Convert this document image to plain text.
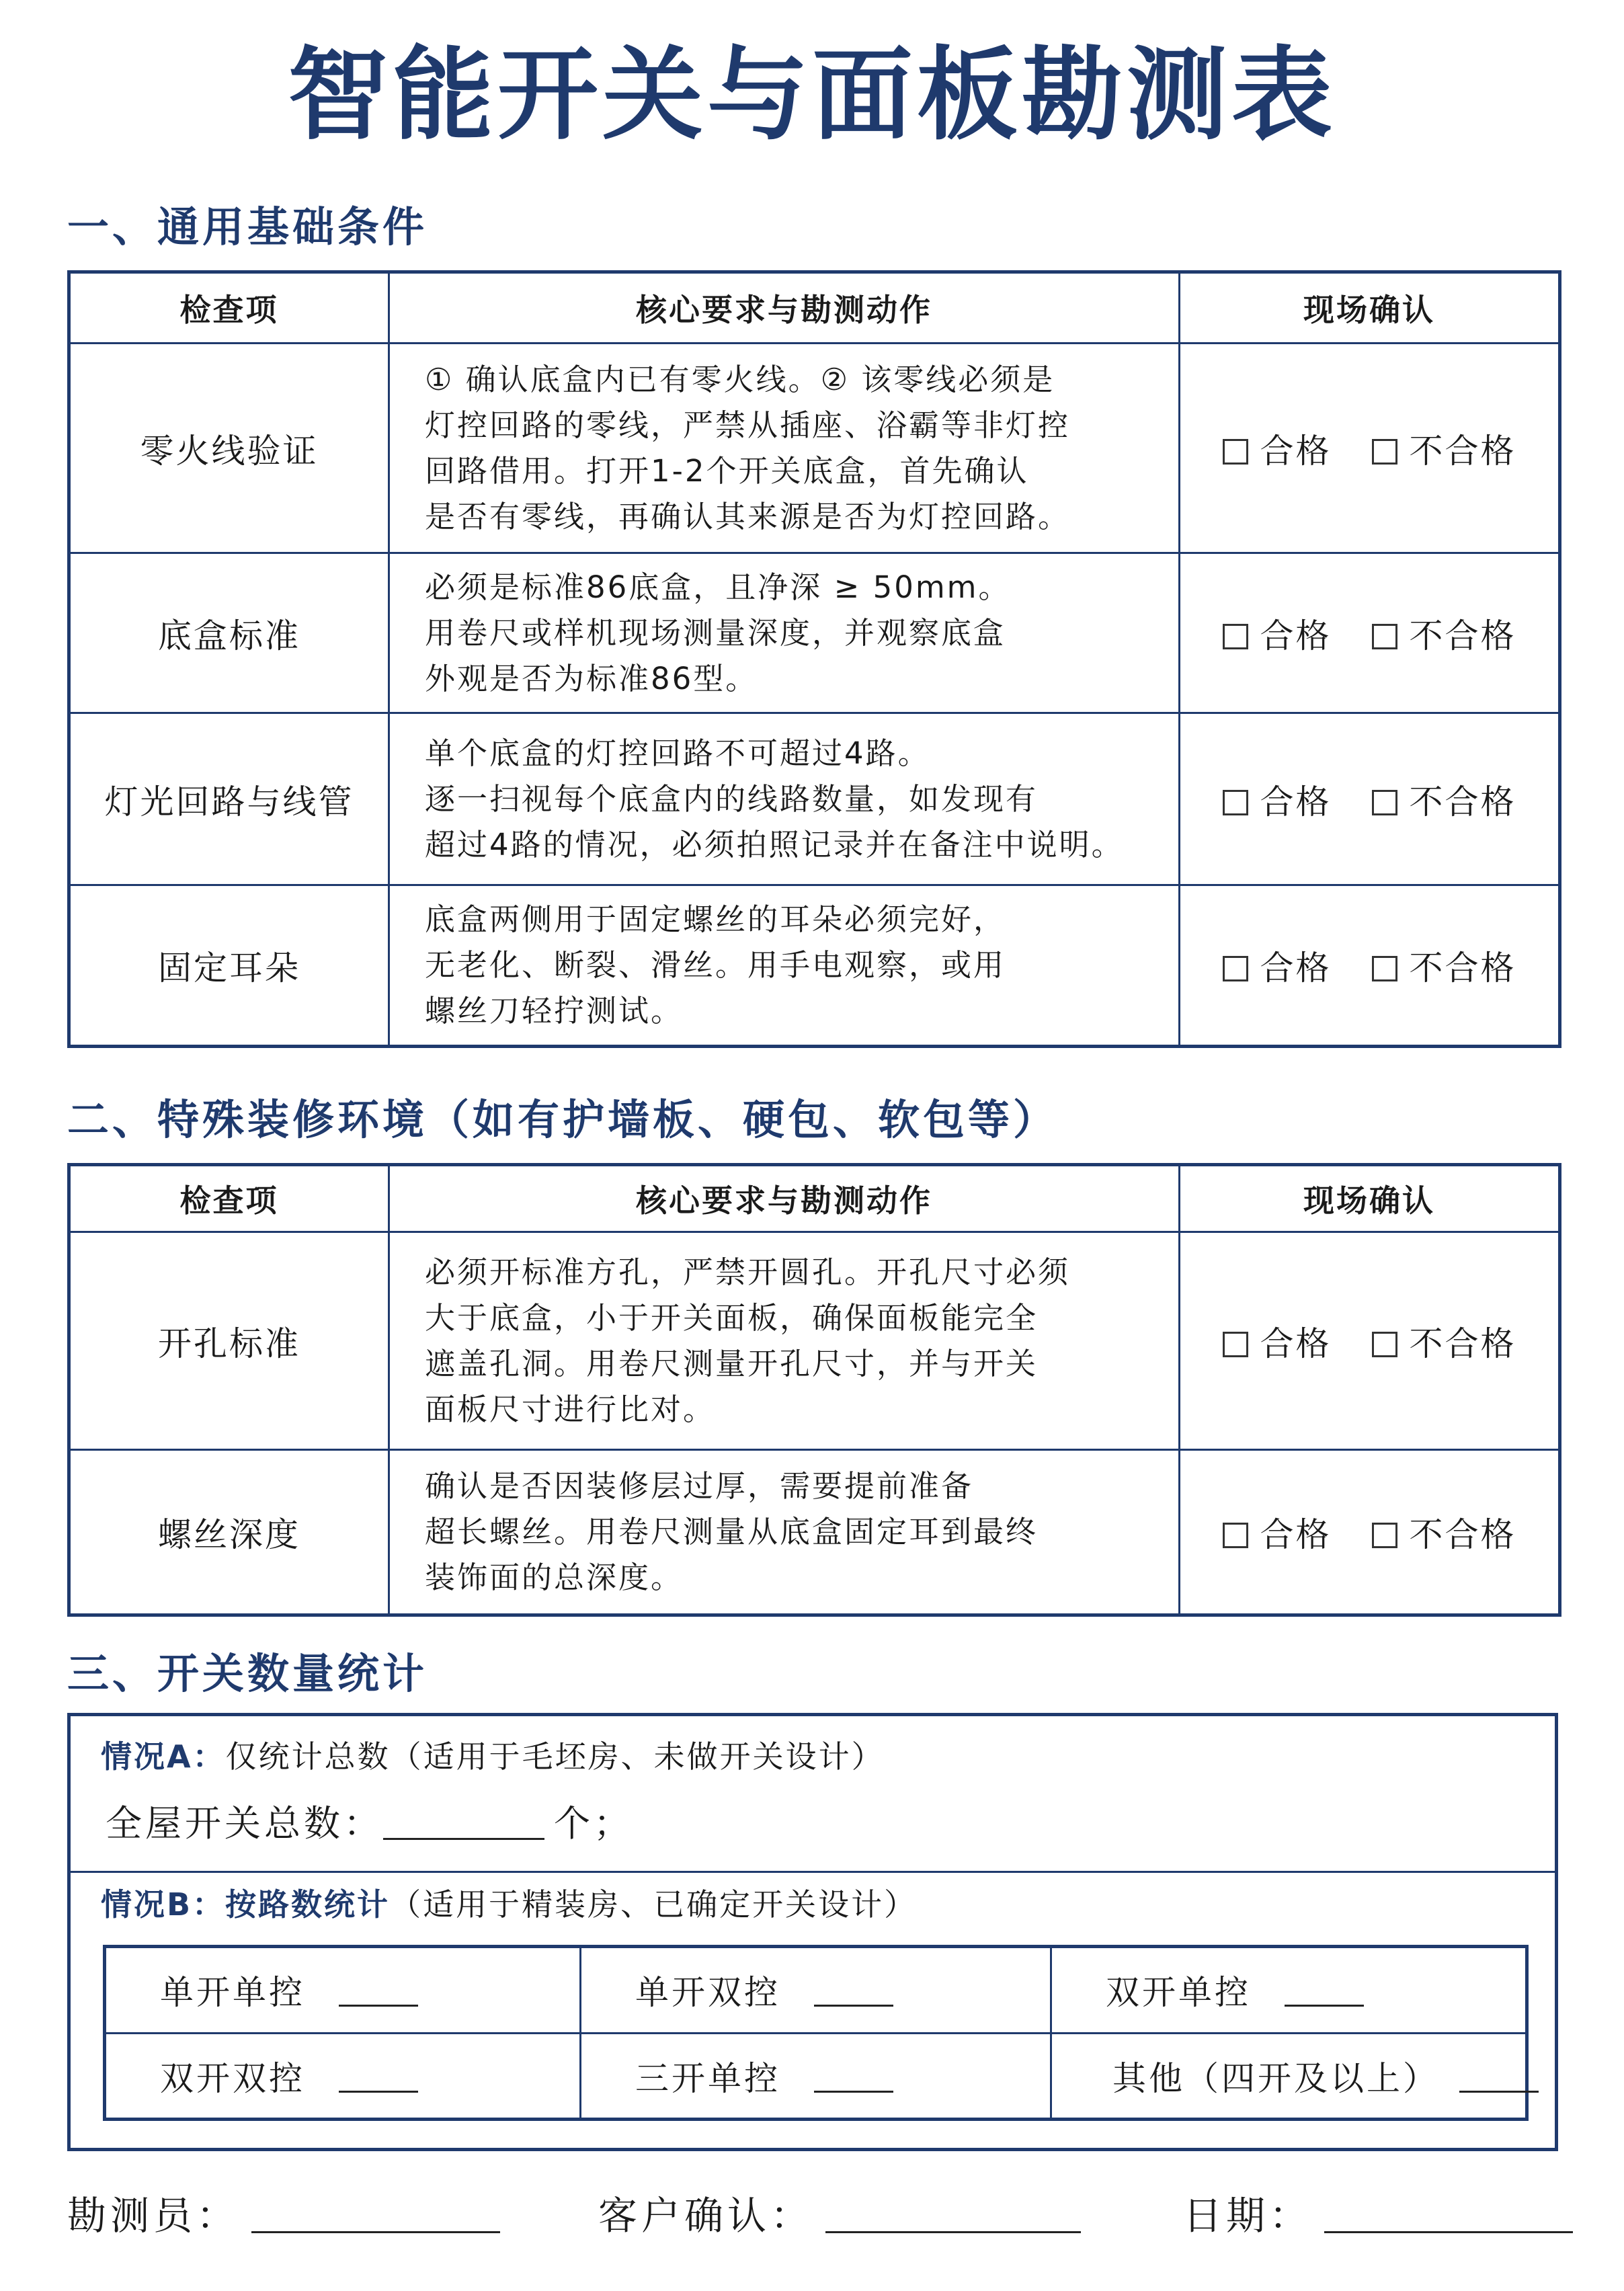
智能开关与面板勘测表
一、通用基础条件
检查项	核心要求与勘测动作	现场确认
零火线验证	① 确认底盒内已有零火线。② 该零线必须是
灯控回路的零线，严禁从插座、浴霸等非灯控
回路借用。打开1-2个开关底盒，首先确认
是否有零线，再确认其来源是否为灯控回路。	合格 不合格
底盒标准	必须是标准86底盒，且净深 ≥ 50mm。
用卷尺或样机现场测量深度，并观察底盒
外观是否为标准86型。	合格 不合格
灯光回路与线管	单个底盒的灯控回路不可超过4路。
逐一扫视每个底盒内的线路数量，如发现有
超过4路的情况，必须拍照记录并在备注中说明。	合格 不合格
固定耳朵	底盒两侧用于固定螺丝的耳朵必须完好，
无老化、断裂、滑丝。用手电观察，或用
螺丝刀轻拧测试。	合格 不合格
二、特殊装修环境（如有护墙板、硬包、软包等）
检查项	核心要求与勘测动作	现场确认
开孔标准	必须开标准方孔，严禁开圆孔。开孔尺寸必须
大于底盒，小于开关面板，确保面板能完全
遮盖孔洞。用卷尺测量开孔尺寸，并与开关
面板尺寸进行比对。	合格 不合格
螺丝深度	确认是否因装修层过厚，需要提前准备
超长螺丝。用卷尺测量从底盒固定耳到最终
装饰面的总深度。	合格 不合格
三、开关数量统计
情况A：仅统计总数（适用于毛坯房、未做开关设计）
全屋开关总数：	个；
情况B：按路数统计（适用于精装房、已确定开关设计）
单开单控	单开双控	双开单控
双开双控	三开单控	其他（四开及以上）
勘测员：	客户确认：	日期：
